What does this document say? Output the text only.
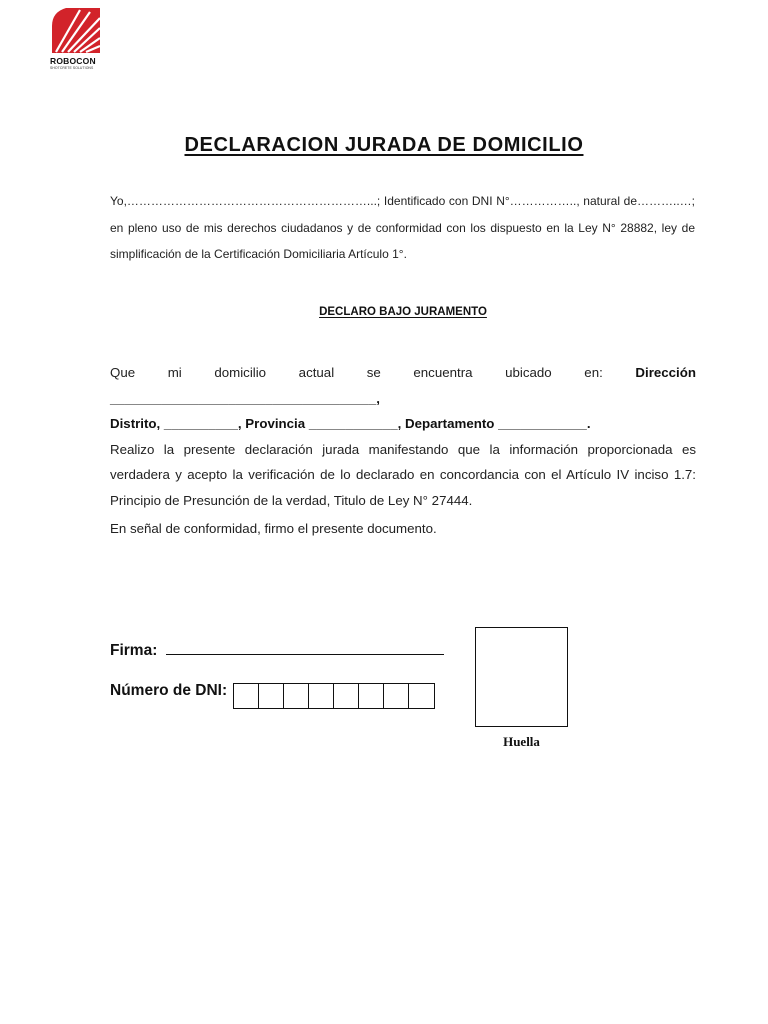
ROBOCON
SHOTCRETE SOLUTIONS
DECLARACION JURADA DE DOMICILIO
Yo,……………………………………………………...; Identificado con DNI N°…………….., natural de………..…; en pleno uso de mis derechos ciudadanos y de conformidad con los dispuesto en la Ley N° 28882, ley de simplificación de la Certificación Domiciliaria Artículo 1°.
DECLARO BAJO JURAMENTO
Que mi domicilio actual se encuentra ubicado en: Dirección ____________________________________,
Distrito, __________, Provincia ____________, Departamento ____________.
Realizo la presente declaración jurada manifestando que la información proporcionada es verdadera y acepto la verificación de lo declarado en concordancia con el Artículo IV inciso 1.7: Principio de Presunción de la verdad, Titulo de Ley N° 27444.
En señal de conformidad, firmo el presente documento.
Firma:
Número de DNI:
Huella
